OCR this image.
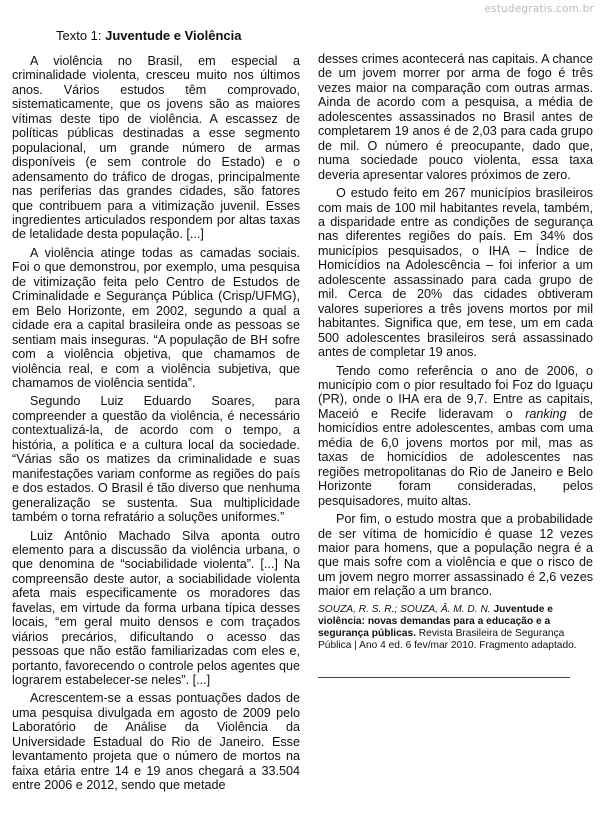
estudegratis.com.br
Texto 1: Juventude e Violência

A violência no Brasil, em especial a criminalidade violenta, cresceu muito nos últimos anos. Vários estudos têm comprovado, sistematicamente, que os jovens são as maiores vítimas deste tipo de violência. A escassez de políticas públicas destinadas a esse segmento populacional, um grande número de armas disponíveis (e sem controle do Estado) e o adensamento do tráfico de drogas, principalmente nas periferias das grandes cidades, são fatores que contribuem para a vitimização juvenil. Esses ingredientes articulados respondem por altas taxas de letalidade desta população. [...]

A violência atinge todas as camadas sociais. Foi o que demonstrou, por exemplo, uma pesquisa de vitimização feita pelo Centro de Estudos de Criminalidade e Segurança Pública (Crisp/UFMG), em Belo Horizonte, em 2002, segundo a qual a cidade era a capital brasileira onde as pessoas se sentiam mais inseguras. “A população de BH sofre com a violência objetiva, que chamamos de violência real, e com a violência subjetiva, que chamamos de violência sentida”.

Segundo Luiz Eduardo Soares, para compreender a questão da violência, é necessário contextualizá-la, de acordo com o tempo, a história, a política e a cultura local da sociedade. “Várias são os matizes da criminalidade e suas manifestações variam conforme as regiões do país e dos estados. O Brasil é tão diverso que nenhuma generalização se sustenta. Sua multiplicidade também o torna refratário a soluções uniformes.”

Luiz Antônio Machado Silva aponta outro elemento para a discussão da violência urbana, o que denomina de “sociabilidade violenta”. [...] Na compreensão deste autor, a sociabilidade violenta afeta mais especificamente os moradores das favelas, em virtude da forma urbana típica desses locais, “em geral muito densos e com traçados viários precários, dificultando o acesso das pessoas que não estão familiarizadas com eles e, portanto, favorecendo o controle pelos agentes que lograrem estabelecer-se neles”. [...]

Acrescentem-se a essas pontuações dados de uma pesquisa divulgada em agosto de 2009 pelo Laboratório de Análise da Violência da Universidade Estadual do Rio de Janeiro. Esse levantamento projeta que o número de mortos na faixa etária entre 14 e 19 anos chegará a 33.504 entre 2006 e 2012, sendo que metade

desses crimes acontecerá nas capitais. A chance de um jovem morrer por arma de fogo é três vezes maior na comparação com outras armas. Ainda de acordo com a pesquisa, a média de adolescentes assassinados no Brasil antes de completarem 19 anos é de 2,03 para cada grupo de mil. O número é preocupante, dado que, numa sociedade pouco violenta, essa taxa deveria apresentar valores próximos de zero.

O estudo feito em 267 municípios brasileiros com mais de 100 mil habitantes revela, também, a disparidade entre as condições de segurança nas diferentes regiões do país. Em 34% dos municípios pesquisados, o IHA – Índice de Homicídios na Adolescência – foi inferior a um adolescente assassinado para cada grupo de mil. Cerca de 20% das cidades obtiveram valores superiores a três jovens mortos por mil habitantes. Significa que, em tese, um em cada 500 adolescentes brasileiros será assassinado antes de completar 19 anos.

Tendo como referência o ano de 2006, o município com o pior resultado foi Foz do Iguaçu (PR), onde o IHA era de 9,7. Entre as capitais, Maceió e Recife lideravam o ranking de homicídios entre adolescentes, ambas com uma média de 6,0 jovens mortos por mil, mas as taxas de homicídios de adolescentes nas regiões metropolitanas do Rio de Janeiro e Belo Horizonte foram consideradas, pelos pesquisadores, muito altas.

Por fim, o estudo mostra que a probabilidade de ser vítima de homicídio é quase 12 vezes maior para homens, que a população negra é a que mais sofre com a violência e que o risco de um jovem negro morrer assassinado é 2,6 vezes maior em relação a um branco.

SOUZA, R. S. R.; SOUZA, Â. M. D. N. Juventude e violência: novas demandas para a educação e a segurança públicas. Revista Brasileira de Segurança Pública | Ano 4 ed. 6 fev/mar 2010. Fragmento adaptado.
